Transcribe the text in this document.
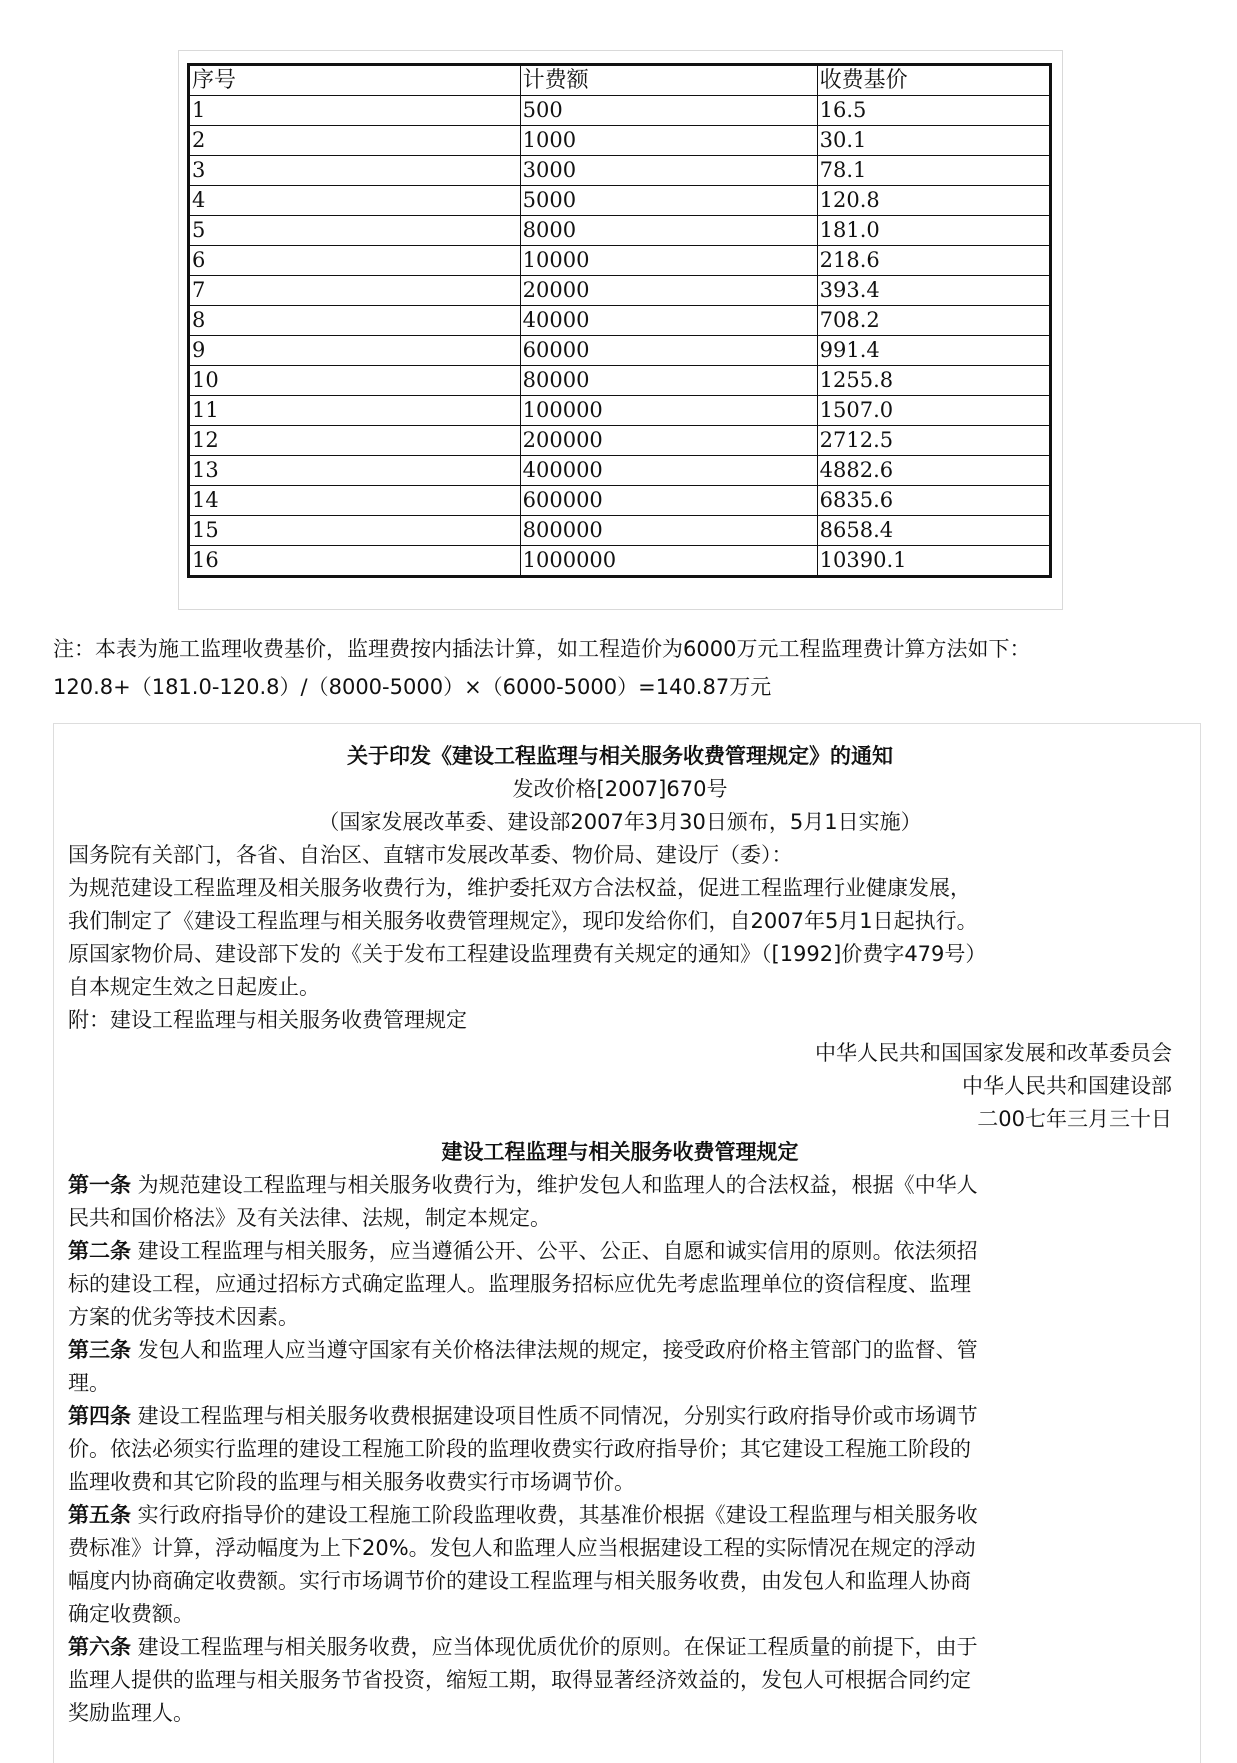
序号	计费额	收费基价
1	500	16.5
2	1000	30.1
3	3000	78.1
4	5000	120.8
5	8000	181.0
6	10000	218.6
7	20000	393.4
8	40000	708.2
9	60000	991.4
10	80000	1255.8
11	100000	1507.0
12	200000	2712.5
13	400000	4882.6
14	600000	6835.6
15	800000	8658.4
16	1000000	10390.1

注：本表为施工监理收费基价，监理费按内插法计算，如工程造价为6000万元工程监理费计算方法如下：120.8+（181.0-120.8）/（8000-5000）×（6000-5000）=140.87万元

关于印发《建设工程监理与相关服务收费管理规定》的通知

发改价格[2007]670号

（国家发展改革委、建设部2007年3月30日颁布，5月1日实施）

国务院有关部门，各省、自治区、直辖市发展改革委、物价局、建设厅（委）：

为规范建设工程监理及相关服务收费行为，维护委托双方合法权益，促进工程监理行业健康发展，

我们制定了《建设工程监理与相关服务收费管理规定》，现印发给你们，自2007年5月1日起执行。

原国家物价局、建设部下发的《关于发布工程建设监理费有关规定的通知》（[1992]价费字479号）

自本规定生效之日起废止。

附：建设工程监理与相关服务收费管理规定

中华人民共和国国家发展和改革委员会

中华人民共和国建设部

二00七年三月三十日

建设工程监理与相关服务收费管理规定

第一条 为规范建设工程监理与相关服务收费行为，维护发包人和监理人的合法权益，根据《中华人

民共和国价格法》及有关法律、法规，制定本规定。

第二条 建设工程监理与相关服务，应当遵循公开、公平、公正、自愿和诚实信用的原则。依法须招

标的建设工程，应通过招标方式确定监理人。监理服务招标应优先考虑监理单位的资信程度、监理

方案的优劣等技术因素。

第三条 发包人和监理人应当遵守国家有关价格法律法规的规定，接受政府价格主管部门的监督、管

理。

第四条 建设工程监理与相关服务收费根据建设项目性质不同情况，分别实行政府指导价或市场调节

价。依法必须实行监理的建设工程施工阶段的监理收费实行政府指导价；其它建设工程施工阶段的

监理收费和其它阶段的监理与相关服务收费实行市场调节价。

第五条 实行政府指导价的建设工程施工阶段监理收费，其基准价根据《建设工程监理与相关服务收

费标准》计算，浮动幅度为上下20%。发包人和监理人应当根据建设工程的实际情况在规定的浮动

幅度内协商确定收费额。实行市场调节价的建设工程监理与相关服务收费，由发包人和监理人协商

确定收费额。

第六条 建设工程监理与相关服务收费，应当体现优质优价的原则。在保证工程质量的前提下，由于

监理人提供的监理与相关服务节省投资，缩短工期，取得显著经济效益的，发包人可根据合同约定

奖励监理人。
